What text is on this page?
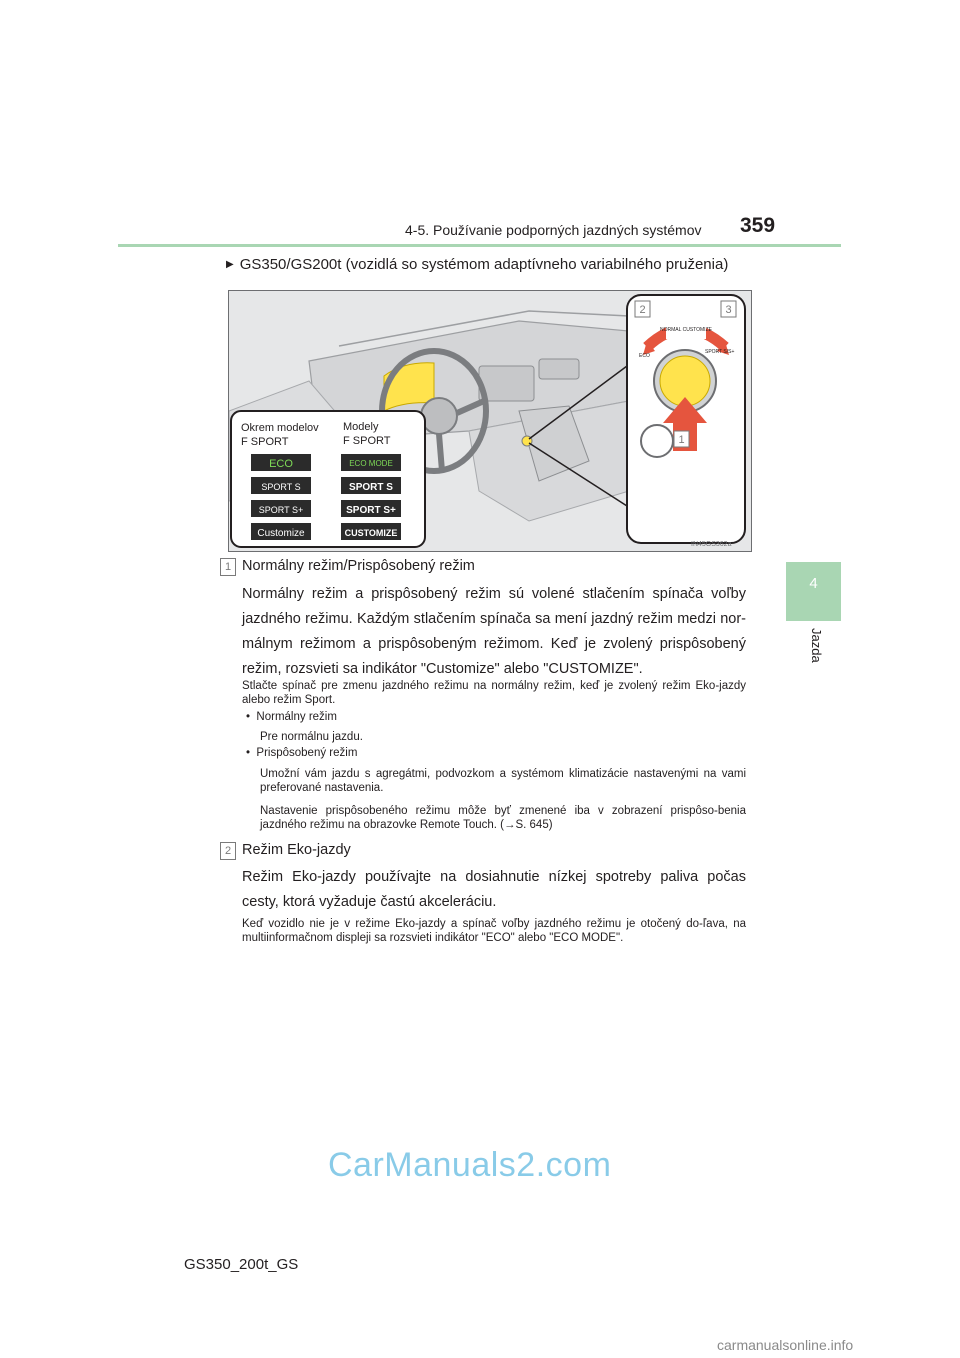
4-5. Používanie podporných jazdných systémov 359
4
Jazda
▶ GS350/GS200t (vozidlá so systémom adaptívneho variabilného pruženia)
NORMAL CUSTOMIZE
ECO
SPORT S/S+
2	3
1
Okrem modelov
F SPORT
Modely
F SPORT
ECO
SPORT S
SPORT S+
Customize
ECO MODE
SPORT S
SPORT S+
CUSTOMIZE
IN45GS362a
1 Normálny režim/Prispôsobený režim
Normálny režim a prispôsobený režim sú volené stlačením spínača voľby jazdného režimu. Každým stlačením spínača sa mení jazdný režim medzi nor-málnym režimom a prispôsobeným režimom. Keď je zvolený prispôsobený režim, rozsvieti sa indikátor "Customize" alebo "CUSTOMIZE".
Stlačte spínač pre zmenu jazdného režimu na normálny režim, keď je zvolený režim Eko-jazdy alebo režim Sport.
•  Normálny režim
Pre normálnu jazdu.
•  Prispôsobený režim
Umožní vám jazdu s agregátmi, podvozkom a systémom klimatizácie nastavenými na vami preferované nastavenia.
Nastavenie prispôsobeného režimu môže byť zmenené iba v zobrazení prispôso-benia jazdného režimu na obrazovke Remote Touch. (→S. 645)
2 Režim Eko-jazdy
Režim Eko-jazdy používajte na dosiahnutie nízkej spotreby paliva počas cesty, ktorá vyžaduje častú akceleráciu.
Keď vozidlo nie je v režime Eko-jazdy a spínač voľby jazdného režimu je otočený do-ľava, na multiinformačnom displeji sa rozsvieti indikátor "ECO" alebo "ECO MODE".
GS350_200t_GS
CarManuals2.com
carmanualsonline.info
